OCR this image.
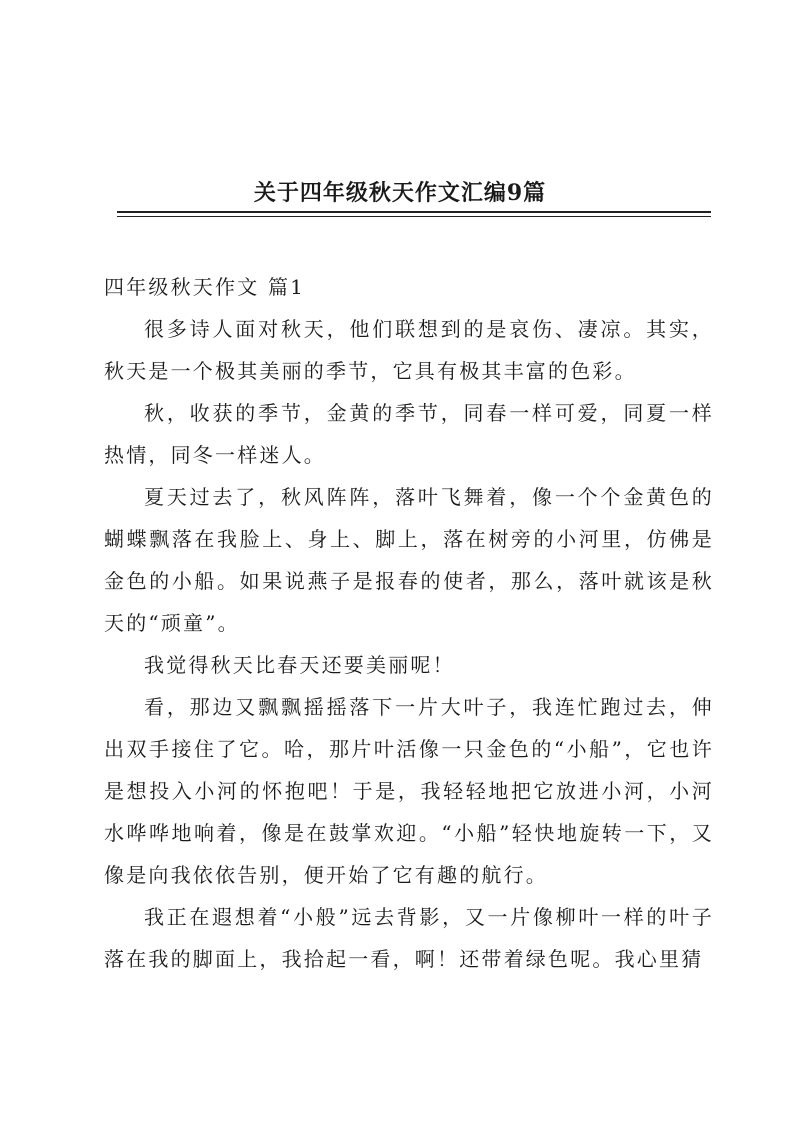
关于四年级秋天作文汇编9篇
四年级秋天作文 篇1

很多诗人面对秋天，他们联想到的是哀伤、凄凉。其实，秋天是一个极其美丽的季节，它具有极其丰富的色彩。

秋，收获的季节，金黄的季节，同春一样可爱，同夏一样热情，同冬一样迷人。

夏天过去了，秋风阵阵，落叶飞舞着，像一个个金黄色的蝴蝶飘落在我脸上、身上、脚上，落在树旁的小河里，仿佛是金色的小船。如果说燕子是报春的使者，那么，落叶就该是秋天的“顽童”。

我觉得秋天比春天还要美丽呢！

看，那边又飘飘摇摇落下一片大叶子，我连忙跑过去，伸出双手接住了它。哈，那片叶活像一只金色的“小船”，它也许是想投入小河的怀抱吧！于是，我轻轻地把它放进小河，小河水哗哗地响着，像是在鼓掌欢迎。“小船”轻快地旋转一下，又像是向我依依告别，便开始了它有趣的航行。

我正在遐想着“小般”远去背影，又一片像柳叶一样的叶子落在我的脚面上，我拾起一看，啊！还带着绿色呢。我心里猜
